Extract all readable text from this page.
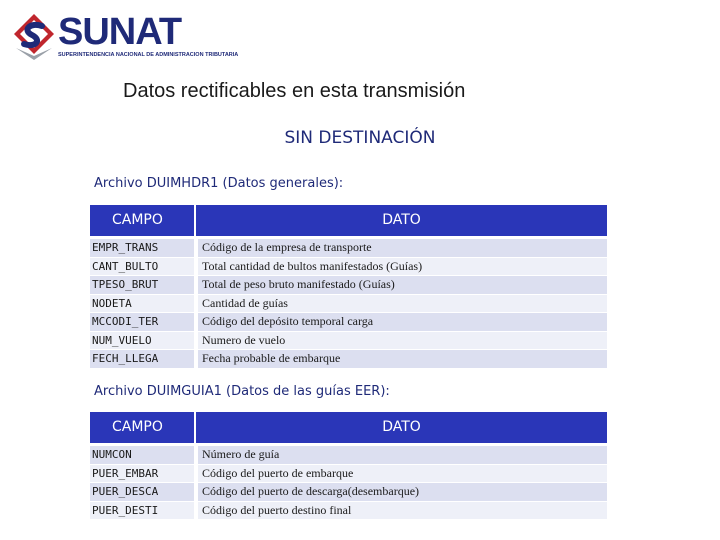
SUNAT
SUPERINTENDENCIA NACIONAL DE ADMINISTRACION TRIBUTARIA
Datos rectificables en esta transmisión
SIN DESTINACIÓN
Archivo DUIMHDR1 (Datos generales):
CAMPO	DATO
EMPR_TRANS	Código de la empresa de transporte
CANT_BULTO	Total cantidad de bultos manifestados (Guías)
TPESO_BRUT	Total de peso bruto manifestado (Guías)
NODETA	Cantidad de guías
MCCODI_TER	Código del depósito temporal carga
NUM_VUELO	Numero de vuelo
FECH_LLEGA	Fecha probable de embarque
Archivo DUIMGUIA1 (Datos de las guías EER):
CAMPO	DATO
NUMCON	Número de guía
PUER_EMBAR	Código del puerto de embarque
PUER_DESCA	Código del puerto de descarga(desembarque)
PUER_DESTI	Código del puerto destino final
